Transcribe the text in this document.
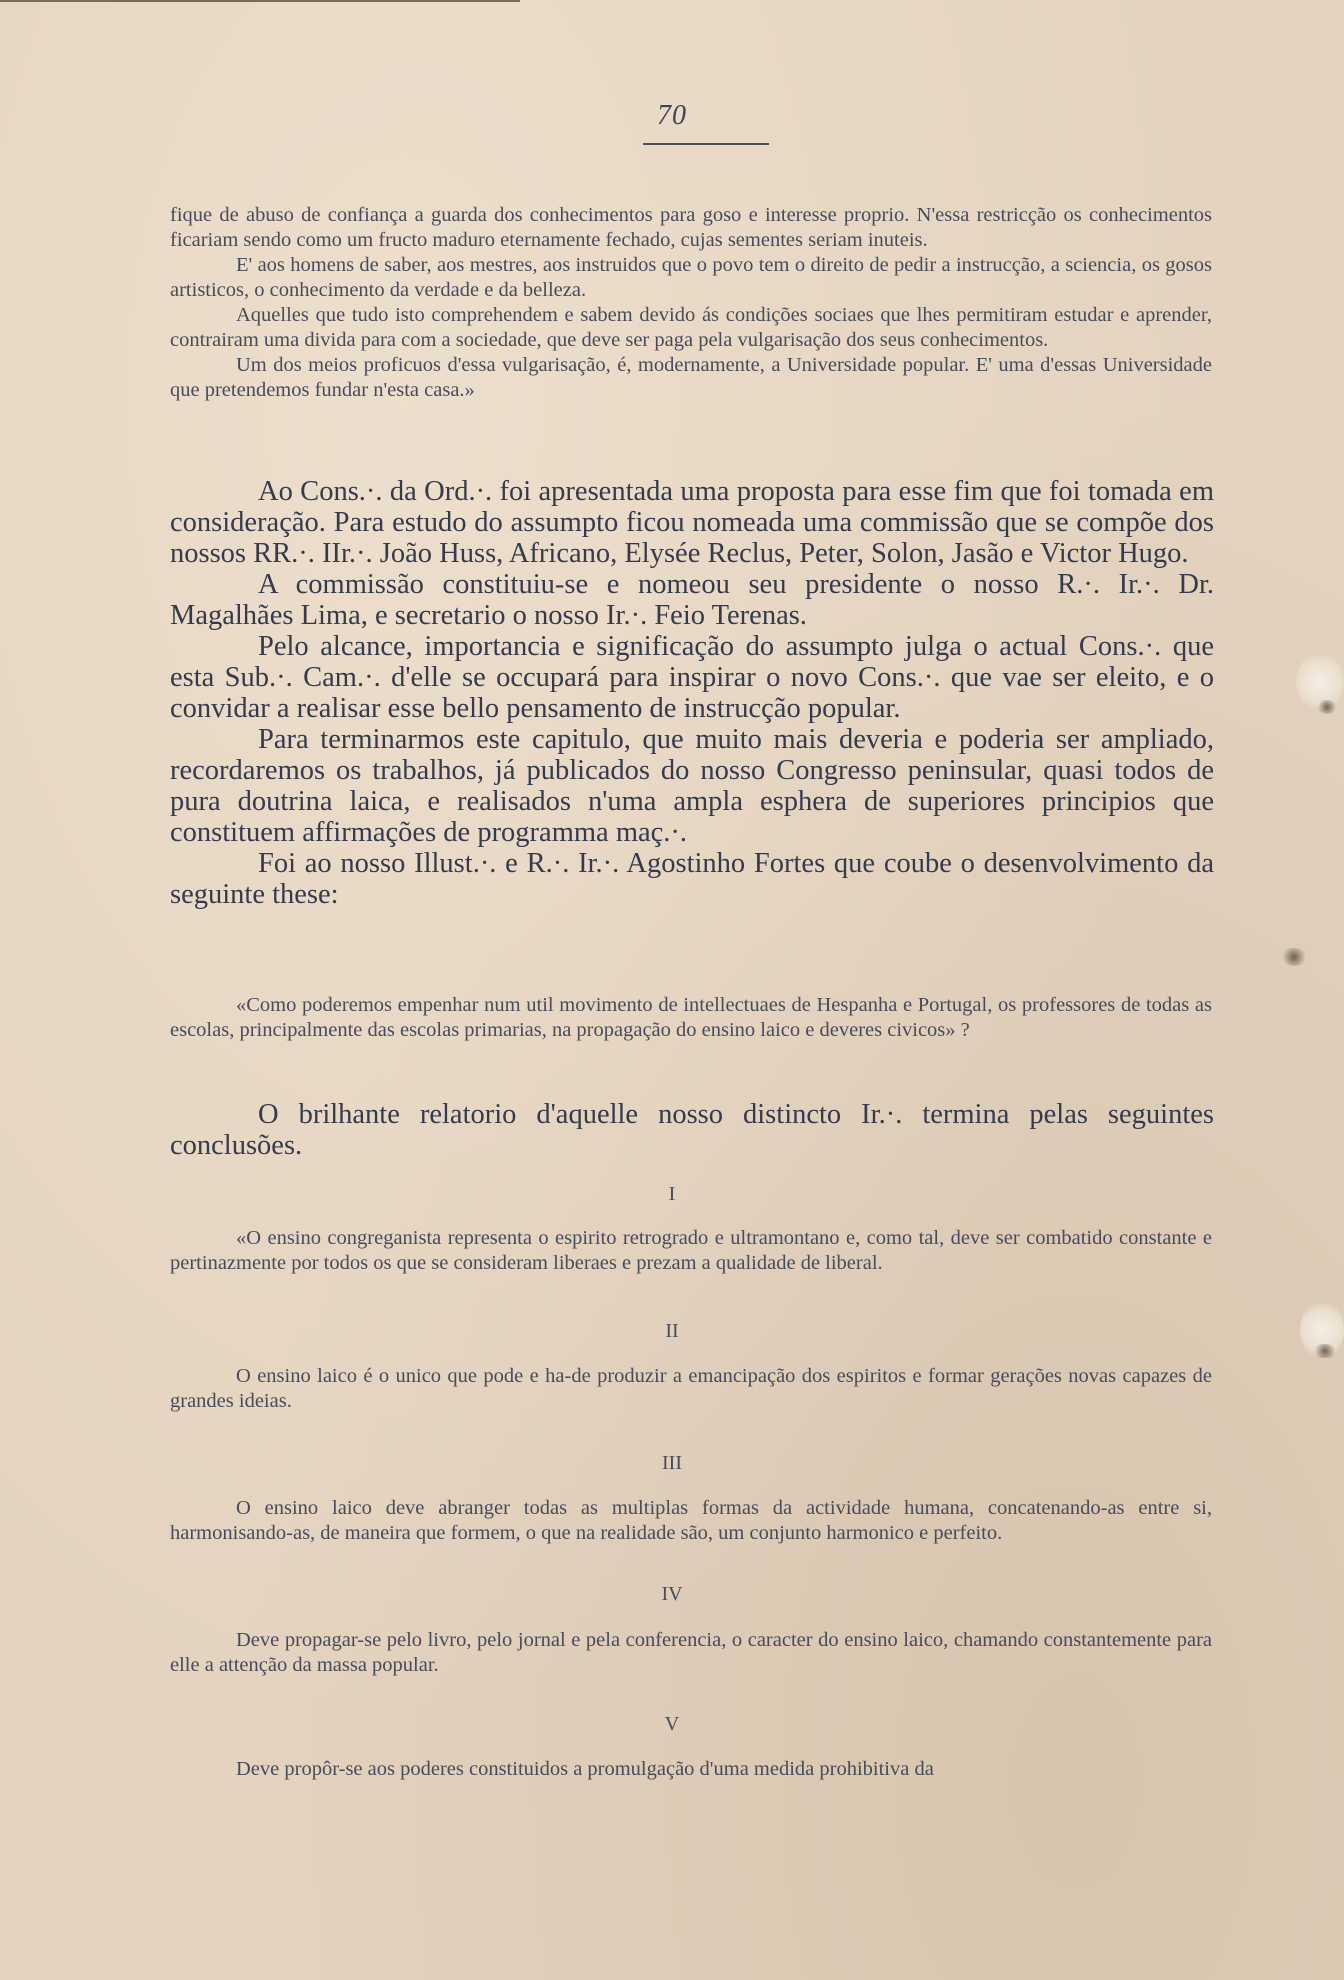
70

fique de abuso de confiança a guarda dos conhecimentos para goso e interesse proprio. N'essa restricção os conhecimentos ficariam sendo como um fructo maduro eternamente fechado, cujas sementes seriam inuteis.

E' aos homens de saber, aos mestres, aos instruidos que o povo tem o direito de pedir a instrucção, a sciencia, os gosos artisticos, o conhecimento da verdade e da belleza.

Aquelles que tudo isto comprehendem e sabem devido ás condições sociaes que lhes permitiram estudar e aprender, contrairam uma divida para com a sociedade, que deve ser paga pela vulgarisação dos seus conhecimentos.

Um dos meios proficuos d'essa vulgarisação, é, modernamente, a Universidade popular. E' uma d'essas Universidade que pretendemos fundar n'esta casa.»

Ao Cons.·. da Ord.·. foi apresentada uma proposta para esse fim que foi tomada em consideração. Para estudo do assumpto ficou nomeada uma commissão que se compõe dos nossos RR.·. IIr.·. João Huss, Africano, Elysée Reclus, Peter, Solon, Jasão e Victor Hugo.

A commissão constituiu-se e nomeou seu presidente o nosso R.·. Ir.·. Dr. Magalhães Lima, e secretario o nosso Ir.·. Feio Terenas.

Pelo alcance, importancia e significação do assumpto julga o actual Cons.·. que esta Sub.·. Cam.·. d'elle se occupará para inspirar o novo Cons.·. que vae ser eleito, e o convidar a realisar esse bello pensamento de instrucção popular.

Para terminarmos este capitulo, que muito mais deveria e poderia ser ampliado, recordaremos os trabalhos, já publicados do nosso Congresso peninsular, quasi todos de pura doutrina laica, e realisados n'uma ampla esphera de superiores principios que constituem affirmações de programma maç.·.

Foi ao nosso Illust.·. e R.·. Ir.·. Agostinho Fortes que coube o desenvolvimento da seguinte these:

«Como poderemos empenhar num util movimento de intellectuaes de Hespanha e Portugal, os professores de todas as escolas, principalmente das escolas primarias, na propagação do ensino laico e deveres civicos» ?

O brilhante relatorio d'aquelle nosso distincto Ir.·. termina pelas seguintes conclusões.

I

«O ensino congreganista representa o espirito retrogrado e ultramontano e, como tal, deve ser combatido constante e pertinazmente por todos os que se consideram liberaes e prezam a qualidade de liberal.

II

O ensino laico é o unico que pode e ha-de produzir a emancipação dos espiritos e formar gerações novas capazes de grandes ideias.

III

O ensino laico deve abranger todas as multiplas formas da actividade humana, concatenando-as entre si, harmonisando-as, de maneira que formem, o que na realidade são, um conjunto harmonico e perfeito.

IV

Deve propagar-se pelo livro, pelo jornal e pela conferencia, o caracter do ensino laico, chamando constantemente para elle a attenção da massa popular.

V

Deve propôr-se aos poderes constituidos a promulgação d'uma medida prohibitiva da
